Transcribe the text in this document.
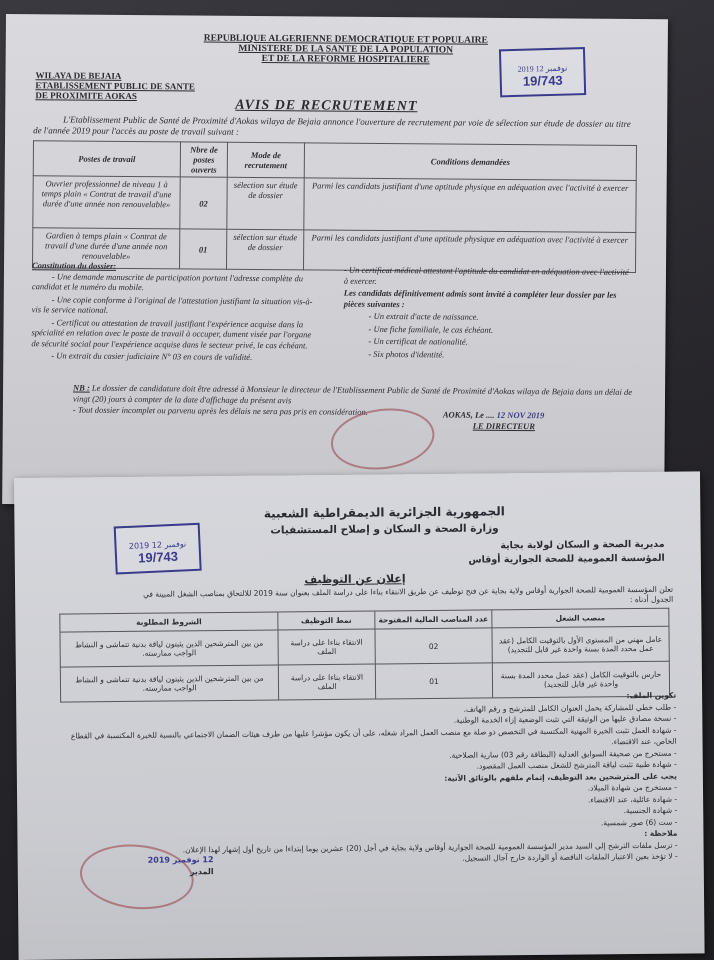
REPUBLIQUE ALGERIENNE DEMOCRATIQUE ET POPULAIRE
MINISTERE DE LA SANTE DE LA POPULATION
ET DE LA REFORME HOSPITALIERE
2019 نوفمبر 12
19/743
WILAYA DE BEJAIA
ETABLISSEMENT PUBLIC DE SANTE
DE PROXIMITE AOKAS
AVIS DE RECRUTEMENT
L'Etablissement Public de Santé de Proximité d'Aokas wilaya de Bejaia annonce l'ouverture de recrutement par voie de sélection sur étude de dossier au titre de l'année 2019 pour l'accès au poste de travail suivant :
Postes de travail	Nbre de postes ouverts	Mode de recrutement	Conditions demandées
Ouvrier professionnel de niveau 1 à temps plain « Contrat de travail d'une durée d'une année non renouvelable»	02	sélection sur étude de dossier	Parmi les candidats justifiant d'une aptitude physique en adéquation avec l'activité à exercer
Gardien à temps plain « Contrat de travail d'une durée d'une année non renouvelable»	01	sélection sur étude de dossier	Parmi les candidats justifiant d'une aptitude physique en adéquation avec l'activité à exercer
Constitution du dossier:

- Une demande manuscrite de participation portant l'adresse complète du candidat et le numéro du mobile.

- Une copie conforme à l'original de l'attestation justifiant la situation vis-à-vis le service national.

- Certificat ou attestation de travail justifiant l'expérience acquise dans la spécialité en relation avec le poste de travail à occuper, dument visée par l'organe de sécurité social pour l'expérience acquise dans le secteur privé, le cas échéant.

- Un extrait du casier judiciaire N° 03 en cours de validité.

- Un certificat médical attestant l'aptitude du candidat en adéquation avec l'activité à exercer.

Les candidats définitivement admis sont invité à compléter leur dossier par les pièces suivantes :

- Un extrait d'acte de naissance.
- Une fiche familiale, le cas échéant.
- Un certificat de nationalité.
- Six photos d'identité.
NB : Le dossier de candidature doit être adressé à Monsieur le directeur de l'Etablissement Public de Santé de Proximité d'Aokas wilaya de Bejaia dans un délai de vingt (20) jours à compter de la date d'affichage du présent avis
- Tout dossier incomplet ou parvenu après les délais ne sera pas pris en considération.	AOKAS, Le .... 12 NOV 2019
LE DIRECTEUR
الجمهورية الجزائرية الديمقراطية الشعبية
وزارة الصحة و السكان و إصلاح المستشفيات
2019 نوفمبر 12
19/743
مديرية الصحة و السكان لولاية بجاية
المؤسسة العمومية للصحة الجوارية أوقاس
إعلان عن التوظيف
تعلن المؤسسة العمومية للصحة الجوارية أوقاس ولاية بجاية عن فتح توظيف عن طريق الانتقاء بناءا على دراسة الملف بعنوان سنة 2019 للالتحاق بمناصب الشغل المبينة في الجدول أدناه :
منصب الشغل	عدد المناصب المالية المفتوحة	نمط التوظيف	الشروط المطلوبة
عامل مهني من المستوى الأول بالتوقيت الكامل (عقد عمل محدد المدة بسنة واحدة غير قابل للتجديد)	02	الانتقاء بناءا على دراسة الملف	من بين المترشحين الذين يثبتون لياقة بدنية تتماشى و النشاط الواجب ممارسته.
حارس بالتوقيت الكامل (عقد عمل محدد المدة بسنة واحدة غير قابل للتجديد)	01	الانتقاء بناءا على دراسة الملف	من بين المترشحين الذين يثبتون لياقة بدنية تتماشى و النشاط الواجب ممارسته.

تكوين الملف:

- طلب خطي للمشاركة يحمل العنوان الكامل للمترشح و رقم الهاتف.

- نسخة مصادق عليها من الوثيقة التي تثبت الوضعية إزاء الخدمة الوطنية.

- شهادة العمل تثبت الخبرة المهنية المكتسبة في التخصص ذو صلة مع منصب العمل المراد شغله، على أن يكون مؤشرا عليها من طرف هيئات الضمان الاجتماعي بالنسبة للخبرة المكتسبة في القطاع الخاص، عند الاقتضاء.

- مستخرج من صحيفة السوابق العدلية (البطاقة رقم 03) سارية الصلاحية.

- شهادة طبية تثبت لياقة المترشح للشغل منصب العمل المقصود.

يجب على المترشحين بعد التوظيف، إتمام ملفهم بالوثائق الآتية:

- مستخرج من شهادة الميلاد.

- شهادة عائلية، عند الاقتضاء.

- شهادة الجنسية.

- ست (6) صور شمسية.

ملاحظة :

- ترسل ملفات الترشح إلى السيد مدير المؤسسة العمومية للصحة الجوارية أوقاس ولاية بجاية في أجل (20) عشرين يوما إبتداءا من تاريخ أول إشهار لهذا الإعلان.

- لا تؤخذ بعين الاعتبار الملفات الناقصة أو الواردة خارج آجال التسجيل.

12 نوفمبر 2019
المدير
